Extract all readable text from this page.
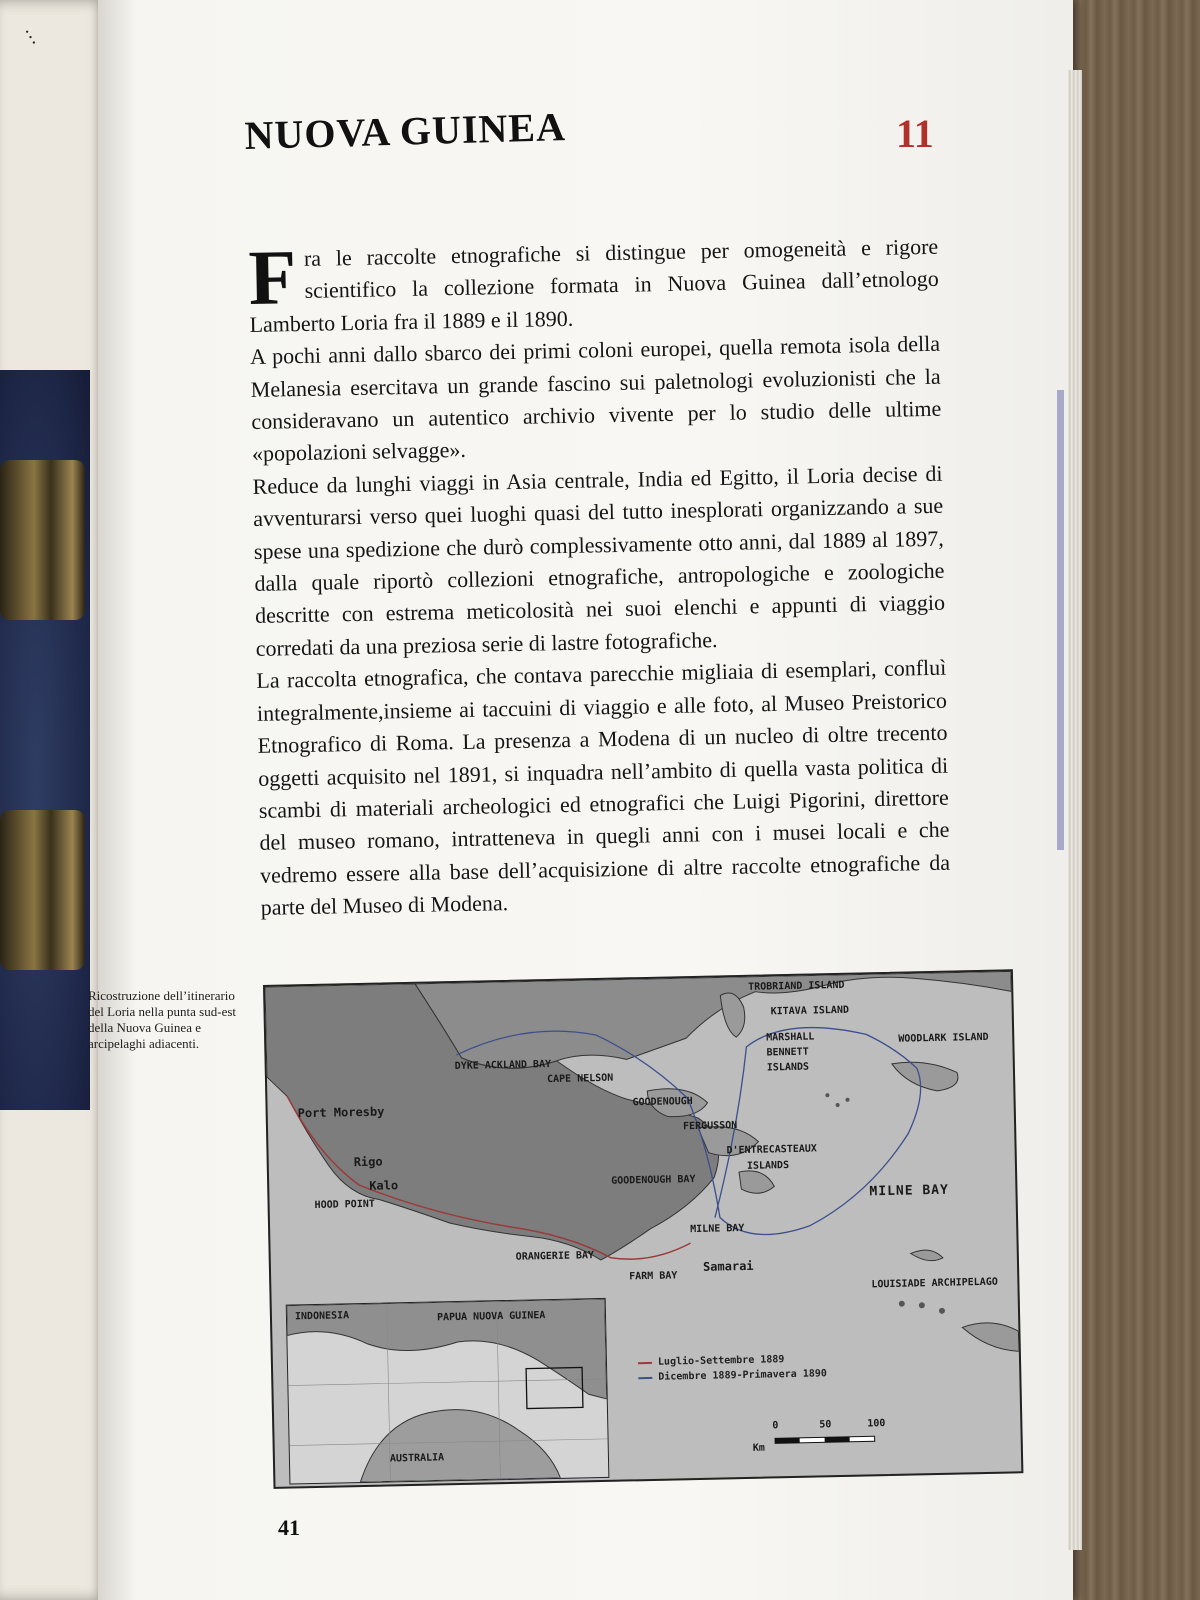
…
Ricostruzione dell’itinerario del Loria nella punta sud-est della Nuova Guinea e arcipelaghi adiacenti.
NUOVA GUINEA	11

Fra le raccolte etnografiche si distingue per omogeneità e rigore scientifico la collezione formata in Nuova Guinea dall’etnologo Lamberto Loria fra il 1889 e il 1890.

A pochi anni dallo sbarco dei primi coloni europei, quella remota isola della Melanesia esercitava un grande fascino sui paletnologi evoluzionisti che la consideravano un autentico archivio vivente per lo studio delle ultime «popolazioni selvagge».

Reduce da lunghi viaggi in Asia centrale, India ed Egitto, il Loria decise di avventurarsi verso quei luoghi quasi del tutto inesplorati organizzando a sue spese una spedizione che durò complessivamente otto anni, dal 1889 al 1897, dalla quale riportò collezioni etnografiche, antropologiche e zoologiche descritte con estrema meticolosità nei suoi elenchi e appunti di viaggio corredati da una preziosa serie di lastre fotografiche.

La raccolta etnografica, che contava parecchie migliaia di esemplari, confluì integralmente,insieme ai taccuini di viaggio e alle foto, al Museo Preistorico Etnografico di Roma. La presenza a Modena di un nucleo di oltre trecento oggetti acquisito nel 1891, si inquadra nell’ambito di quella vasta politica di scambi di materiali archeologici ed etnografici che Luigi Pigorini, direttore del museo romano, intratteneva in quegli anni con i musei locali e che vedremo essere alla base dell’acquisizione di altre raccolte etnografiche da parte del Museo di Modena.

TROBRIAND ISLAND
KITAVA ISLAND
MARSHALL
BENNETT
ISLANDS
WOODLARK ISLAND
DYKE ACKLAND BAY
CAPE NELSON
GOODENOUGH
FERGUSSON
D'ENTRECASTEAUX
ISLANDS
Port Moresby
Rigo
Kalo
HOOD POINT
GOODENOUGH BAY
MILNE BAY
MILNE BAY
ORANGERIE BAY
FARM BAY
Samarai
LOUISIADE ARCHIPELAGO
INDONESIA	PAPUA NUOVA GUINEA
AUSTRALIA
Luglio-Settembre 1889
Dicembre 1889-Primavera 1890
Km
0	50	100
41
